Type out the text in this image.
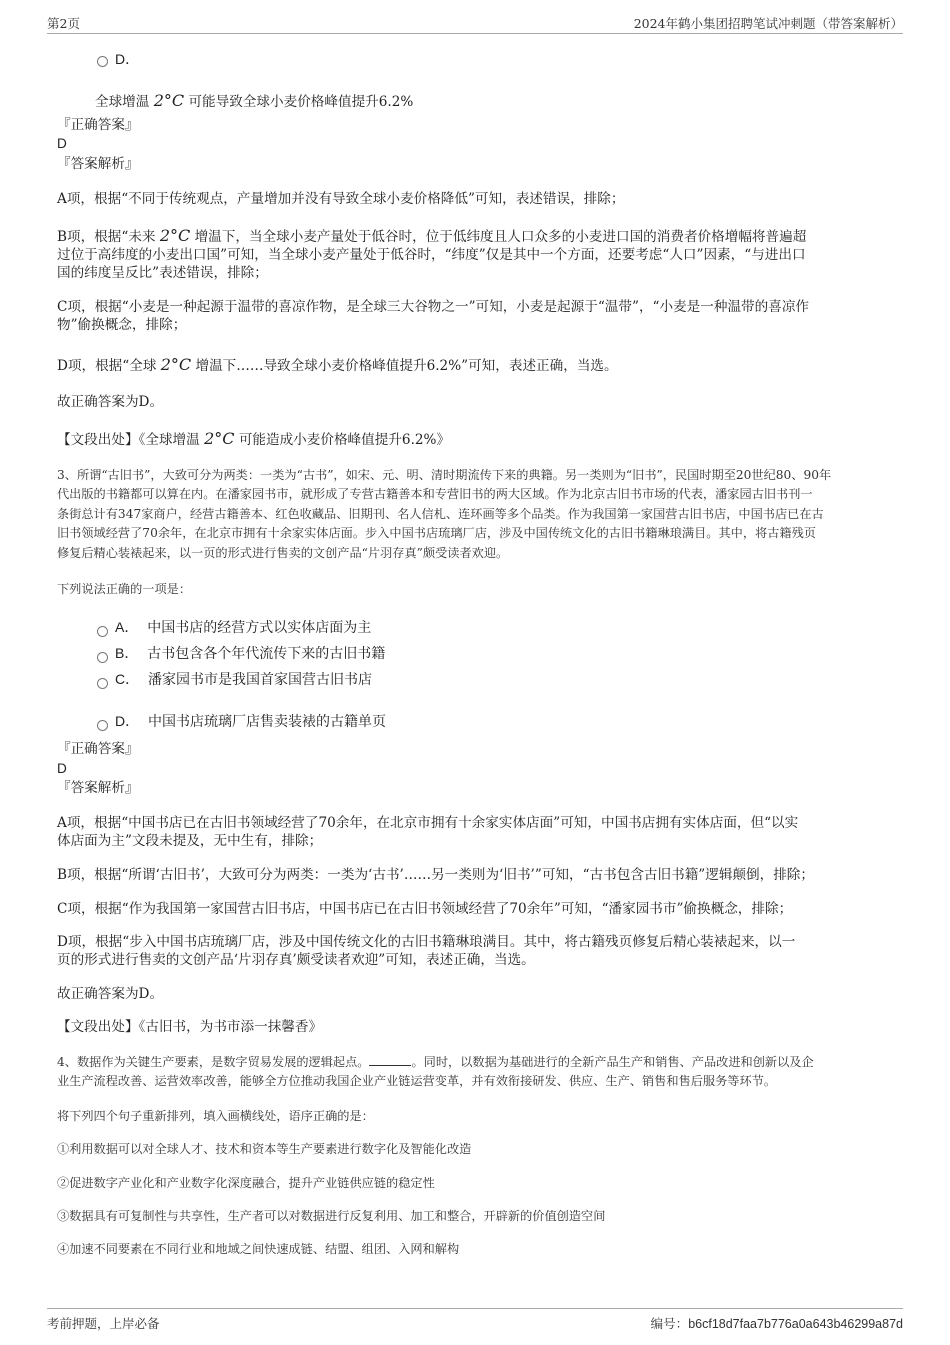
第2页	2024年鹤小集团招聘笔试冲刺题（带答案解析）
D．
全球增温 2°C 可能导致全球小麦价格峰值提升6.2%
『正确答案』
D
『答案解析』
A项，根据“不同于传统观点，产量增加并没有导致全球小麦价格降低”可知，表述错误，排除；
B项，根据“未来 2°C 增温下，当全球小麦产量处于低谷时，位于低纬度且人口众多的小麦进口国的消费者价格增幅将普遍超
过位于高纬度的小麦出口国”可知，当全球小麦产量处于低谷时，“纬度”仅是其中一个方面，还要考虑“人口”因素，“与进出口
国的纬度呈反比”表述错误，排除；
C项，根据“小麦是一种起源于温带的喜凉作物，是全球三大谷物之一”可知，小麦是起源于“温带”，“小麦是一种温带的喜凉作
物”偷换概念，排除；
D项，根据“全球 2°C 增温下……导致全球小麦价格峰值提升6.2%”可知，表述正确，当选。
故正确答案为D。
【文段出处】《全球增温 2°C 可能造成小麦价格峰值提升6.2%》
3、所谓“古旧书”，大致可分为两类：一类为“古书”，如宋、元、明、清时期流传下来的典籍。另一类则为“旧书”，民国时期至20世纪80、90年
代出版的书籍都可以算在内。在潘家园书市，就形成了专营古籍善本和专营旧书的两大区域。作为北京古旧书市场的代表，潘家园古旧书刊一
条街总计有347家商户，经营古籍善本、红色收藏品、旧期刊、名人信札、连环画等多个品类。作为我国第一家国营古旧书店，中国书店已在古
旧书领域经营了70余年，在北京市拥有十余家实体店面。步入中国书店琉璃厂店，涉及中国传统文化的古旧书籍琳琅满目。其中，将古籍残页
修复后精心装裱起来，以一页的形式进行售卖的文创产品“片羽存真”颇受读者欢迎。
下列说法正确的一项是：
A． 中国书店的经营方式以实体店面为主
B． 古书包含各个年代流传下来的古旧书籍
C． 潘家园书市是我国首家国营古旧书店
D． 中国书店琉璃厂店售卖装裱的古籍单页
『正确答案』
D
『答案解析』
A项，根据“中国书店已在古旧书领域经营了70余年，在北京市拥有十余家实体店面”可知，中国书店拥有实体店面，但“以实
体店面为主”文段未提及，无中生有，排除；
B项，根据“所谓‘古旧书’，大致可分为两类：一类为‘古书’……另一类则为‘旧书’”可知，“古书包含古旧书籍”逻辑颠倒，排除；
C项，根据“作为我国第一家国营古旧书店，中国书店已在古旧书领域经营了70余年”可知，“潘家园书市”偷换概念，排除；
D项，根据“步入中国书店琉璃厂店，涉及中国传统文化的古旧书籍琳琅满目。其中，将古籍残页修复后精心装裱起来，以一
页的形式进行售卖的文创产品‘片羽存真’颇受读者欢迎”可知，表述正确，当选。
故正确答案为D。
【文段出处】《古旧书，为书市添一抹馨香》
4、数据作为关键生产要素，是数字贸易发展的逻辑起点。	。同时，以数据为基础进行的全新产品生产和销售、产品改进和创新以及企
业生产流程改善、运营效率改善，能够全方位推动我国企业产业链运营变革，并有效衔接研发、供应、生产、销售和售后服务等环节。
将下列四个句子重新排列，填入画横线处，语序正确的是：
①利用数据可以对全球人才、技术和资本等生产要素进行数字化及智能化改造
②促进数字产业化和产业数字化深度融合，提升产业链供应链的稳定性
③数据具有可复制性与共享性，生产者可以对数据进行反复利用、加工和整合，开辟新的价值创造空间
④加速不同要素在不同行业和地域之间快速成链、结盟、组团、入网和解构
考前押题，上岸必备	编号：b6cf18d7faa7b776a0a643b46299a87d
